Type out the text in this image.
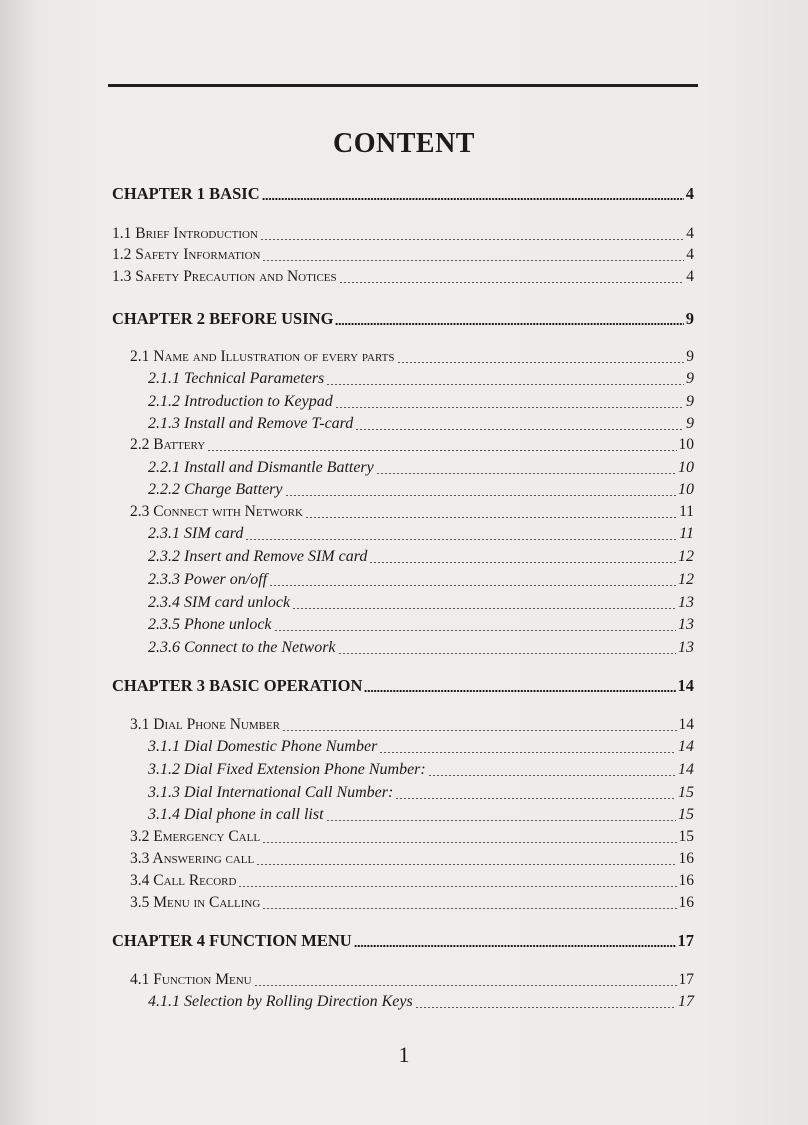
CONTENT
CHAPTER 1 BASIC	4
1.1 Brief Introduction	4
1.2 Safety Information	4
1.3 Safety Precaution and Notices	4
CHAPTER 2 BEFORE USING	9
2.1 Name and Illustration of every parts	9
2.1.1 Technical Parameters	9
2.1.2 Introduction to Keypad	9
2.1.3 Install and Remove T-card	9
2.2 Battery	10
2.2.1 Install and Dismantle Battery	10
2.2.2 Charge Battery	10
2.3 Connect with Network	11
2.3.1 SIM card	11
2.3.2 Insert and Remove SIM card	12
2.3.3 Power on/off	12
2.3.4 SIM card unlock	13
2.3.5 Phone unlock	13
2.3.6 Connect to the Network	13
CHAPTER 3 BASIC OPERATION	14
3.1 Dial Phone Number	14
3.1.1 Dial Domestic Phone Number	14
3.1.2 Dial Fixed Extension Phone Number:	14
3.1.3 Dial International Call Number:	15
3.1.4 Dial phone in call list	15
3.2 Emergency Call	15
3.3 Answering call	16
3.4 Call Record	16
3.5 Menu in Calling	16
CHAPTER 4 FUNCTION MENU	17
4.1 Function Menu	17
4.1.1 Selection by Rolling Direction Keys	17
1
